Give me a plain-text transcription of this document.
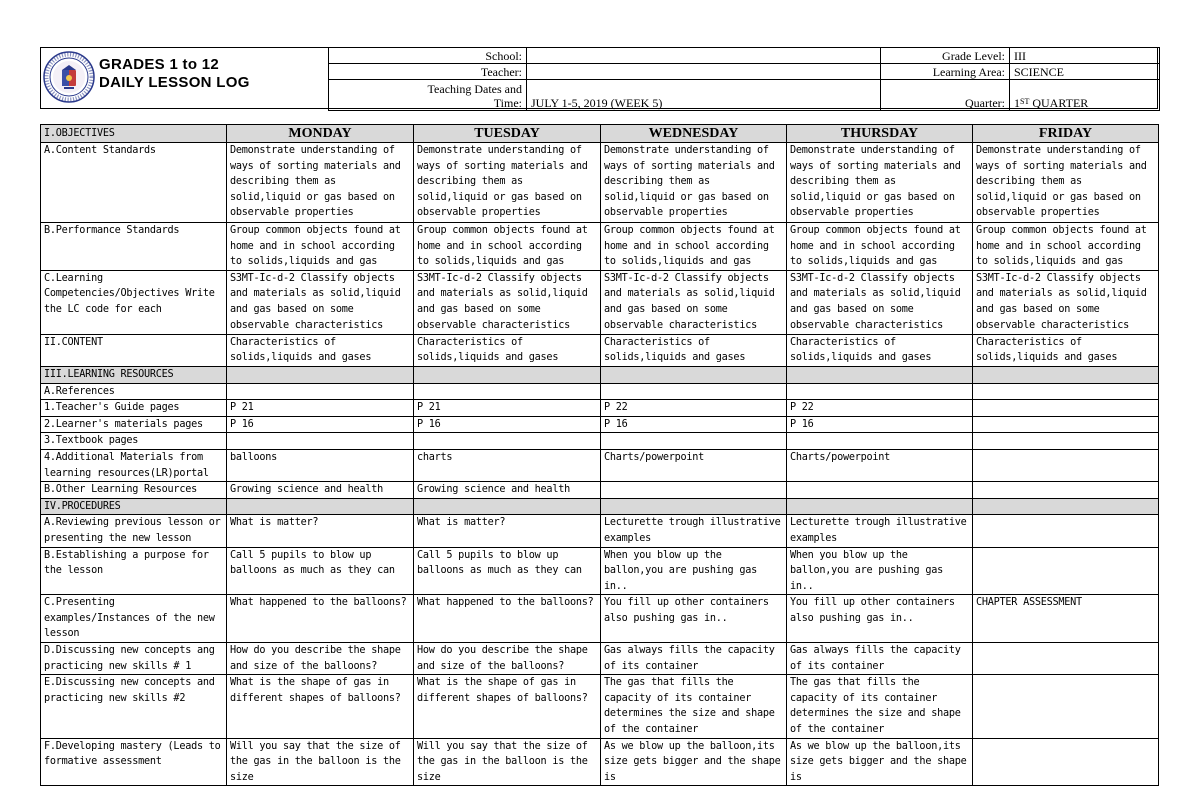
GRADES 1 to 12
DAILY LESSON LOG
School:		Grade Level:	III
Teacher:		Learning Area:	SCIENCE

Teaching Dates and
Time:	JULY 1-5, 2019 (WEEK 5)	Quarter:	1ST QUARTER
I.OBJECTIVES	MONDAY	TUESDAY	WEDNESDAY	THURSDAY	FRIDAY
A.Content Standards	Demonstrate understanding of ways of sorting materials and describing them as solid,liquid or gas based on observable properties	Demonstrate understanding of ways of sorting materials and describing them as solid,liquid or gas based on observable properties	Demonstrate understanding of ways of sorting materials and describing them as solid,liquid or gas based on observable properties	Demonstrate understanding of ways of sorting materials and describing them as solid,liquid or gas based on observable properties	Demonstrate understanding of ways of sorting materials and describing them as solid,liquid or gas based on observable properties
B.Performance Standards	Group common objects found at home and in school according to solids,liquids and gas	Group common objects found at home and in school according to solids,liquids and gas	Group common objects found at home and in school according to solids,liquids and gas	Group common objects found at home and in school according to solids,liquids and gas	Group common objects found at home and in school according to solids,liquids and gas
C.Learning Competencies/Objectives Write the LC code for each	S3MT-Ic-d-2 Classify objects and materials as solid,liquid and gas based on some observable characteristics	S3MT-Ic-d-2 Classify objects and materials as solid,liquid and gas based on some observable characteristics	S3MT-Ic-d-2 Classify objects and materials as solid,liquid and gas based on some observable characteristics	S3MT-Ic-d-2 Classify objects and materials as solid,liquid and gas based on some observable characteristics	S3MT-Ic-d-2 Classify objects and materials as solid,liquid and gas based on some observable characteristics
II.CONTENT	Characteristics of solids,liquids and gases	Characteristics of solids,liquids and gases	Characteristics of solids,liquids and gases	Characteristics of solids,liquids and gases	Characteristics of solids,liquids and gases
III.LEARNING RESOURCES					
A.References					
1.Teacher's Guide pages	P 21	P 21	P 22	P 22	
2.Learner's materials pages	P 16	P 16	P 16	P 16	
3.Textbook pages					
4.Additional Materials from learning resources(LR)portal	balloons	charts	Charts/powerpoint	Charts/powerpoint	
B.Other Learning Resources	Growing science and health	Growing science and health			
IV.PROCEDURES					
A.Reviewing previous lesson or presenting the new lesson	What is matter?	What is matter?	Lecturette trough illustrative examples	Lecturette trough illustrative examples	
B.Establishing a purpose for the lesson	Call 5 pupils to blow up balloons as much as they can	Call 5 pupils to blow up balloons as much as they can	When you blow up the ballon,you are pushing gas in..	When you blow up the ballon,you are pushing gas in..	
C.Presenting examples/Instances of the new lesson	What happened to the balloons?	What happened to the balloons?	You fill up other containers also pushing gas in..	You fill up other containers also pushing gas in..	CHAPTER ASSESSMENT
D.Discussing new concepts ang practicing new skills # 1	How do you describe the shape and size of the balloons?	How do you describe the shape and size of the balloons?	Gas always fills the capacity of its container	Gas always fills the capacity of its container	
E.Discussing new concepts and practicing new skills #2	What is the shape of gas in different shapes of balloons?	What is the shape of gas in different shapes of balloons?	The gas that fills the capacity of its container determines the size and shape of the container	The gas that fills the capacity of its container determines the size and shape of the container	
F.Developing mastery (Leads to formative assessment	Will you say that the size of the gas in the balloon is the size	Will you say that the size of the gas in the balloon is the size	As we blow up the balloon,its size gets bigger and the shape is	As we blow up the balloon,its size gets bigger and the shape is	
